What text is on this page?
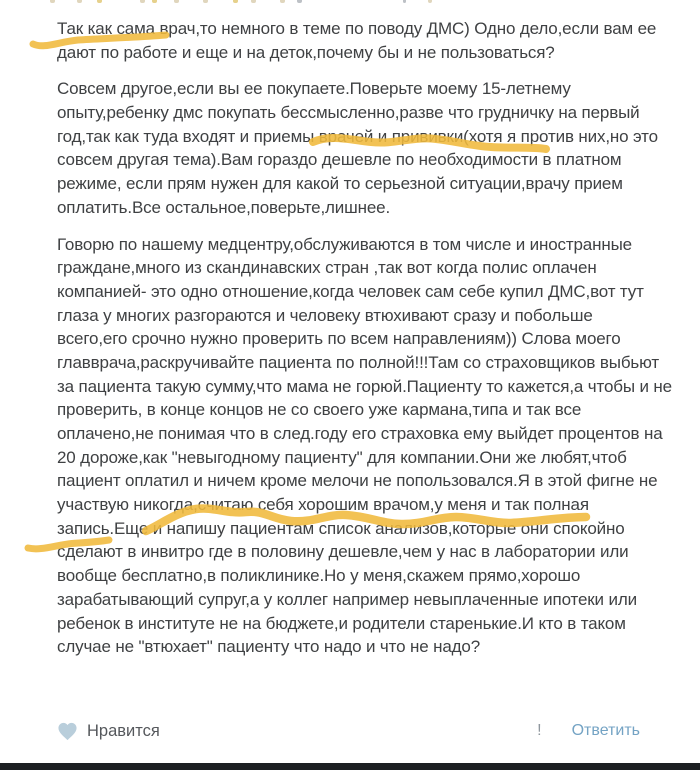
Так как сама врач,то немного в теме по поводу ДМС) Одно дело,если вам ее
дают по работе и еще и на деток,почему бы и не пользоваться?
Совсем другое,если вы ее покупаете.Поверьте моему 15-летнему
опыту,ребенку дмс покупать бессмысленно,разве что грудничку на первый
год,так как туда входят и приемы врачей и прививки(хотя я против них,но это
совсем другая тема).Вам гораздо дешевле по необходимости в платном
режиме, если прям нужен для какой то серьезной ситуации,врачу прием
оплатить.Все остальное,поверьте,лишнее.
Говорю по нашему медцентру,обслуживаются в том числе и иностранные
граждане,много из скандинавских стран ,так вот когда полис оплачен
компанией- это одно отношение,когда человек сам себе купил ДМС,вот тут
глаза у многих разгораются и человеку втюхивают сразу и побольше
всего,его срочно нужно проверить по всем направлениям)) Слова моего
главврача,раскручивайте пациента по полной!!!Там со страховщиков выбьют
за пациента такую сумму,что мама не горюй.Пациенту то кажется,а чтобы и не
проверить, в конце концов не со своего уже кармана,типа и так все
оплачено,не понимая что в след.году его страховка ему выйдет процентов на
20 дороже,как "невыгодному пациенту" для компании.Они же любят,чтоб
пациент оплатил и ничем кроме мелочи не попользовался.Я в этой фигне не
участвую никогда,считаю себя хорошим врачом,у меня и так полная
запись.Еще и напишу пациентам список анализов,которые они спокойно
сделают в инвитро где в половину дешевле,чем у нас в лаборатории или
вообще бесплатно,в поликлинике.Но у меня,скажем прямо,хорошо
зарабатывающий супруг,а у коллег например невыплаченные ипотеки или
ребенок в институте не на бюджете,и родители старенькие.И кто в таком
случае не "втюхает" пациенту что надо и что не надо?
Нравится	! Ответить
